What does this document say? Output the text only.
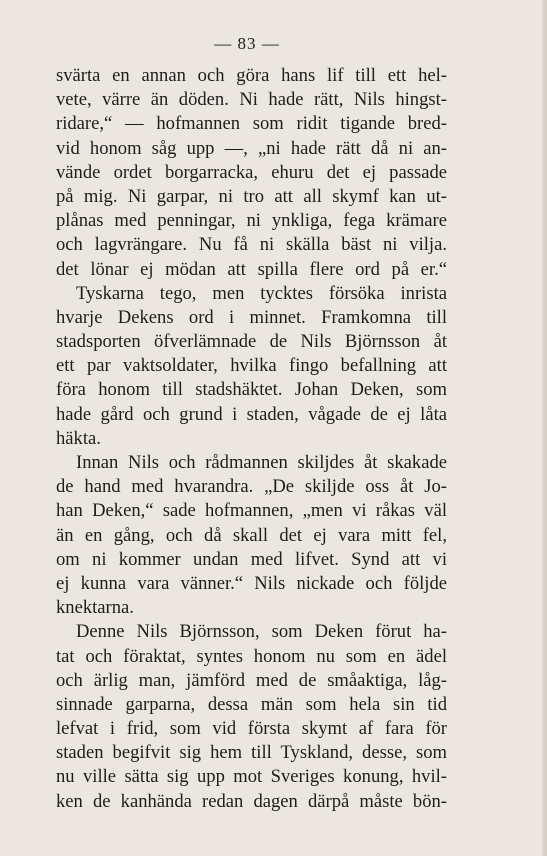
— 83 —
svärta en annan och göra hans lif till ett hel-
vete, värre än döden. Ni hade rätt, Nils hingst-
ridare,“ — hofmannen som ridit tigande bred-
vid honom såg upp —, „ni hade rätt då ni an-
vände ordet borgarracka, ehuru det ej passade
på mig. Ni garpar, ni tro att all skymf kan ut-
plånas med penningar, ni ynkliga, fega krämare
och lagvrängare. Nu få ni skälla bäst ni vilja.
det lönar ej mödan att spilla flere ord på er.“
Tyskarna tego, men tycktes försöka inrista
hvarje Dekens ord i minnet. Framkomna till
stadsporten öfverlämnade de Nils Björnsson åt
ett par vaktsoldater, hvilka fingo befallning att
föra honom till stadshäktet. Johan Deken, som
hade gård och grund i staden, vågade de ej låta
häkta.
Innan Nils och rådmannen skiljdes åt skakade
de hand med hvarandra. „De skiljde oss åt Jo-
han Deken,“ sade hofmannen, „men vi råkas väl
än en gång, och då skall det ej vara mitt fel,
om ni kommer undan med lifvet. Synd att vi
ej kunna vara vänner.“ Nils nickade och följde
knektarna.
Denne Nils Björnsson, som Deken förut ha-
tat och föraktat, syntes honom nu som en ädel
och ärlig man, jämförd med de småaktiga, låg-
sinnade garparna, dessa män som hela sin tid
lefvat i frid, som vid första skymt af fara för
staden begifvit sig hem till Tyskland, desse, som
nu ville sätta sig upp mot Sveriges konung, hvil-
ken de kanhända redan dagen därpå måste bön-
